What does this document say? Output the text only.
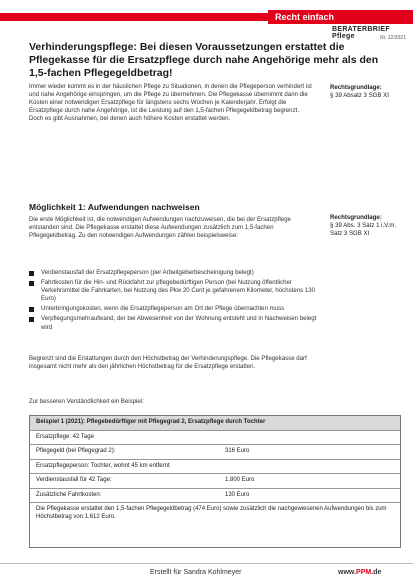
Recht einfach
BERATERBRIEF Pflege	Nr. 12/2021
Verhinderungspflege: Bei diesen Voraussetzungen erstattet die Pflegekasse für die Ersatzpflege durch nahe Angehörige mehr als den 1,5-fachen Pflegegeldbetrag!

Immer wieder kommt es in der häuslichen Pflege zu Situationen, in denen die Pflegeperson verhindert ist und nahe Angehörige einspringen, um die Pflege zu übernehmen. Die Pflegekasse übernimmt dann die Kosten einer notwendigen Ersatzpflege für längstens sechs Wochen je Kalenderjahr. Erfolgt die Ersatzpflege durch nahe Angehörige, ist die Leistung auf den 1,5-fachen Pflegegeldbetrag begrenzt. Doch es gibt Ausnahmen, bei denen auch höhere Kosten erstattet werden.

Rechtsgrundlage:
§ 39 Absatz 3 SGB XI
Möglichkeit 1: Aufwendungen nachweisen

Die erste Möglichkeit ist, die notwendigen Aufwendungen nachzuweisen, die bei der Ersatzpflege entstanden sind. Die Pflegekasse erstattet diese Aufwendungen zusätzlich zum 1,5-fachen Pflegegeldbetrag. Zu den notwendigen Aufwendungen zählen beispielsweise:

Rechtsgrundlage:
§ 39 Abs. 3 Satz 1 i.V.m. Satz 3 SGB XI
Verdienstausfall der Ersatzpflegeperson (per Arbeitgeberbescheinigung belegt)
Fahrtkosten für die Hin- und Rückfahrt zur pflegebedürftigen Person (bei Nutzung öffentlicher Verkehrsmittel die Fahrkarten, bei Nutzung des Pkw 20 Cent je gefahrenem Kilometer, höchstens 130 Euro)
Unterbringungskosten, wenn die Ersatzpflegeperson am Ort der Pflege übernachten muss
Verpflegungsmehraufwand, der bei Abwesenheit von der Wohnung entsteht und in Nachweisen belegt wird

Begrenzt sind die Erstattungen durch den Höchstbetrag der Verhinderungspflege. Die Pflegekasse darf insgesamt nicht mehr als den jährlichen Höchstbetrag für die Ersatzpflege erstatten.

Zur besseren Verständlichkeit ein Beispiel:

Beispiel 1 (2021): Pflegebedürftiger mit Pflegegrad 2, Ersatzpflege durch Tochter
Ersatzpflege: 42 Tage
Pflegegeld (bei Pflegegrad 2):	316 Euro
Ersatzpflegeperson: Tochter, wohnt 45 km entfernt
Verdienstausfall für 42 Tage:	1.800 Euro
Zusätzliche Fahrtkosten:	130 Euro
Die Pflegekasse erstattet den 1,5-fachen Pflegegeldbetrag (474 Euro) sowie zusätzlich die nachgewiesenen Aufwendungen bis zum Höchstbetrag von 1.612 Euro.
Erstellt für Sandra Kohlmeyer	www.PPM.de
